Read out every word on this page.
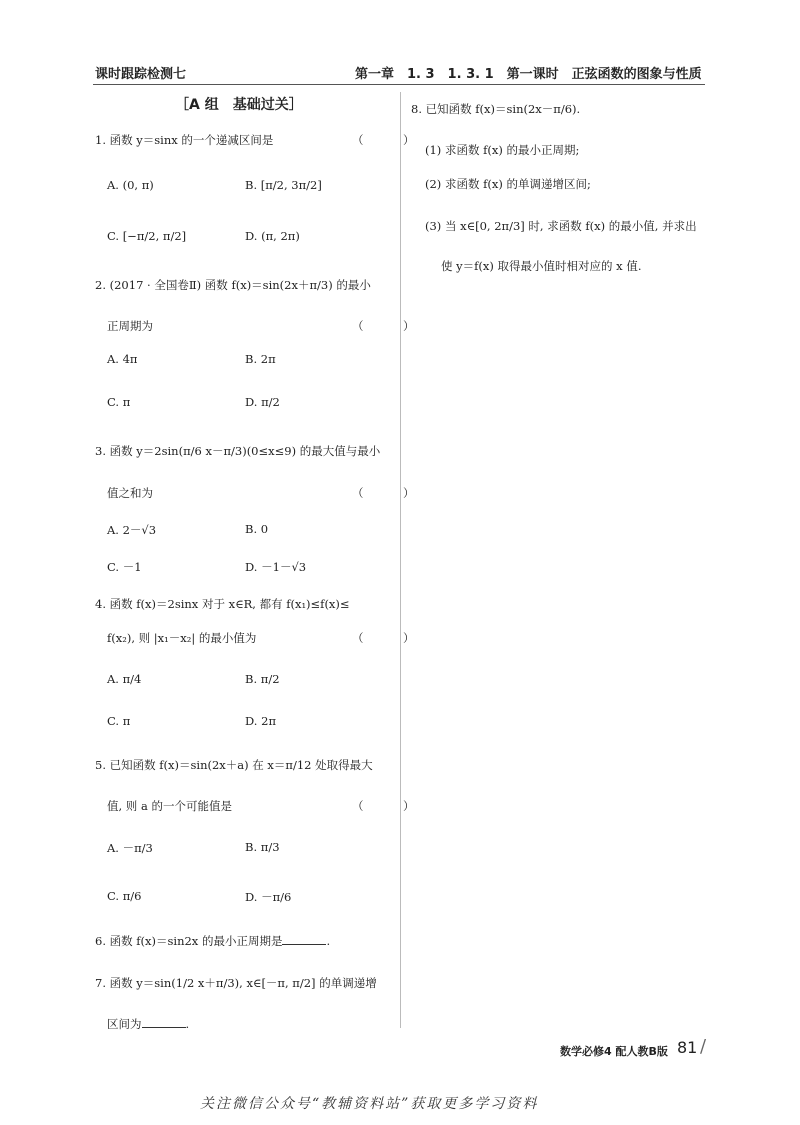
课时跟踪检测七	第一章　1. 3　1. 3. 1　第一课时　正弦函数的图象与性质
［A 组　基础过关］
1. 函数 y＝sinx 的一个递减区间是	（　）
A. (0, π)	B. [π/2, 3π/2]
C. [−π/2, π/2]	D. (π, 2π)
2. (2017 · 全国卷Ⅱ) 函数 f(x)＝sin(2x＋π/3) 的最小
正周期为	（　）
A. 4π	B. 2π
C. π	D. π/2
3. 函数 y＝2sin(π/6 x－π/3)(0≤x≤9) 的最大值与最小
值之和为	（　）
A. 2－√3	B. 0
C. －1	D. －1－√3
4. 函数 f(x)＝2sinx 对于 x∈R, 都有 f(x₁)≤f(x)≤
f(x₂), 则 |x₁－x₂| 的最小值为	（　）
A. π/4	B. π/2
C. π	D. 2π
5. 已知函数 f(x)＝sin(2x＋a) 在 x＝π/12 处取得最大
值, 则 a 的一个可能值是	（　）
A. －π/3	B. π/3
C. π/6	D. －π/6
6. 函数 f(x)＝sin2x 的最小正周期是	.
7. 函数 y＝sin(1/2 x＋π/3), x∈[－π, π/2] 的单调递增
区间为	.
8. 已知函数 f(x)＝sin(2x－π/6).
(1) 求函数 f(x) 的最小正周期;
(2) 求函数 f(x) 的单调递增区间;
(3) 当 x∈[0, 2π/3] 时, 求函数 f(x) 的最小值, 并求出
使 y＝f(x) 取得最小值时相对应的 x 值.
数学必修4 配人教B版 81 /
关注微信公众号“教辅资料站”获取更多学习资料
